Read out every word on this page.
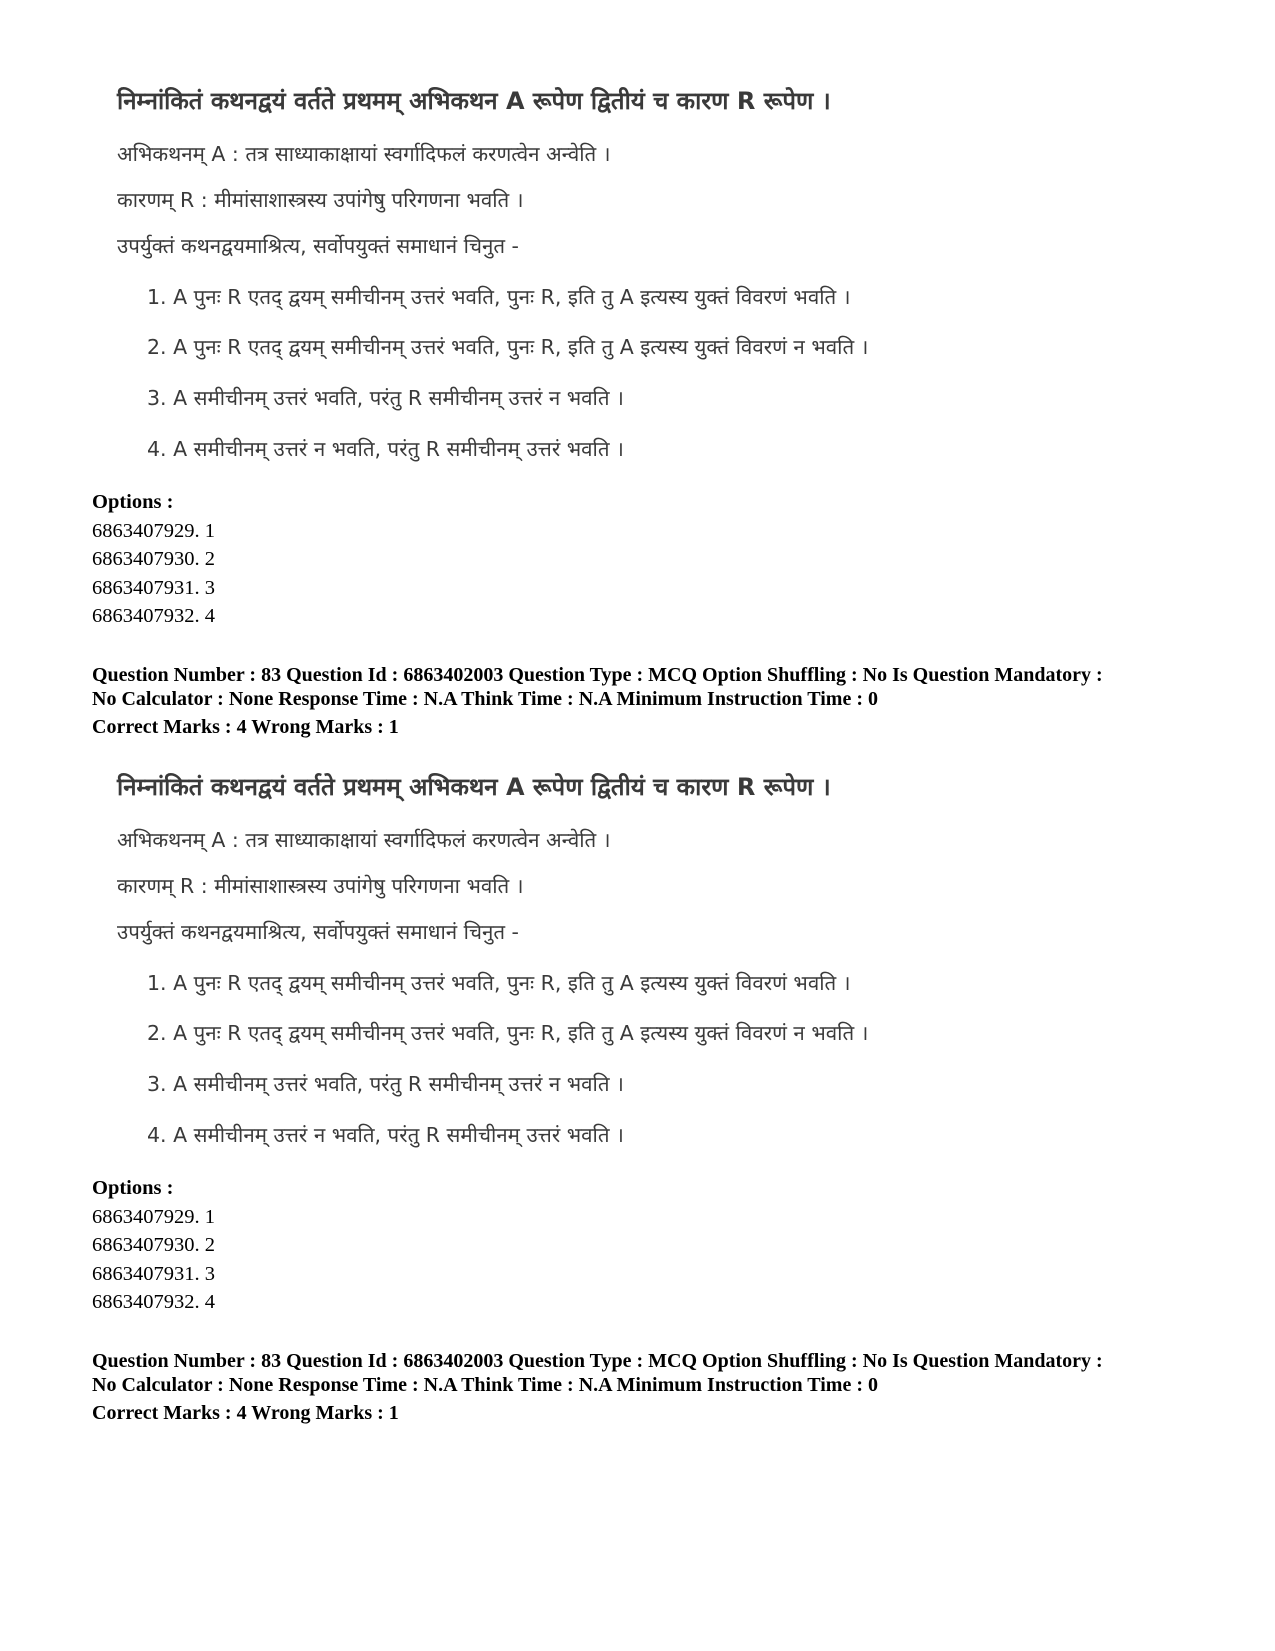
निम्नांकितं कथनद्वयं वर्तते प्रथमम् अभिकथन A रूपेण द्वितीयं च कारण R रूपेण ।
अभिकथनम् A : तत्र साध्याकाक्षायां स्वर्गादिफलं करणत्वेन अन्वेति ।
कारणम् R : मीमांसाशास्त्रस्य उपांगेषु परिगणना भवति ।
उपर्युक्तं कथनद्वयमाश्रित्य, सर्वोपयुक्तं समाधानं चिनुत -
1. A पुनः R एतद् द्वयम् समीचीनम् उत्तरं भवति, पुनः R, इति तु A इत्यस्य युक्तं विवरणं भवति ।
2. A पुनः R एतद् द्वयम् समीचीनम् उत्तरं भवति, पुनः R, इति तु A इत्यस्य युक्तं विवरणं न भवति ।
3. A समीचीनम् उत्तरं भवति, परंतु R समीचीनम् उत्तरं न भवति ।
4. A समीचीनम् उत्तरं न भवति, परंतु R समीचीनम् उत्तरं भवति ।
Options :
6863407929. 1
6863407930. 2
6863407931. 3
6863407932. 4
Question Number : 83 Question Id : 6863402003 Question Type : MCQ Option Shuffling : No Is Question Mandatory :
No Calculator : None Response Time : N.A Think Time : N.A Minimum Instruction Time : 0
Correct Marks : 4 Wrong Marks : 1
निम्नांकितं कथनद्वयं वर्तते प्रथमम् अभिकथन A रूपेण द्वितीयं च कारण R रूपेण ।
अभिकथनम् A : तत्र साध्याकाक्षायां स्वर्गादिफलं करणत्वेन अन्वेति ।
कारणम् R : मीमांसाशास्त्रस्य उपांगेषु परिगणना भवति ।
उपर्युक्तं कथनद्वयमाश्रित्य, सर्वोपयुक्तं समाधानं चिनुत -
1. A पुनः R एतद् द्वयम् समीचीनम् उत्तरं भवति, पुनः R, इति तु A इत्यस्य युक्तं विवरणं भवति ।
2. A पुनः R एतद् द्वयम् समीचीनम् उत्तरं भवति, पुनः R, इति तु A इत्यस्य युक्तं विवरणं न भवति ।
3. A समीचीनम् उत्तरं भवति, परंतु R समीचीनम् उत्तरं न भवति ।
4. A समीचीनम् उत्तरं न भवति, परंतु R समीचीनम् उत्तरं भवति ।
Options :
6863407929. 1
6863407930. 2
6863407931. 3
6863407932. 4
Question Number : 83 Question Id : 6863402003 Question Type : MCQ Option Shuffling : No Is Question Mandatory :
No Calculator : None Response Time : N.A Think Time : N.A Minimum Instruction Time : 0
Correct Marks : 4 Wrong Marks : 1
